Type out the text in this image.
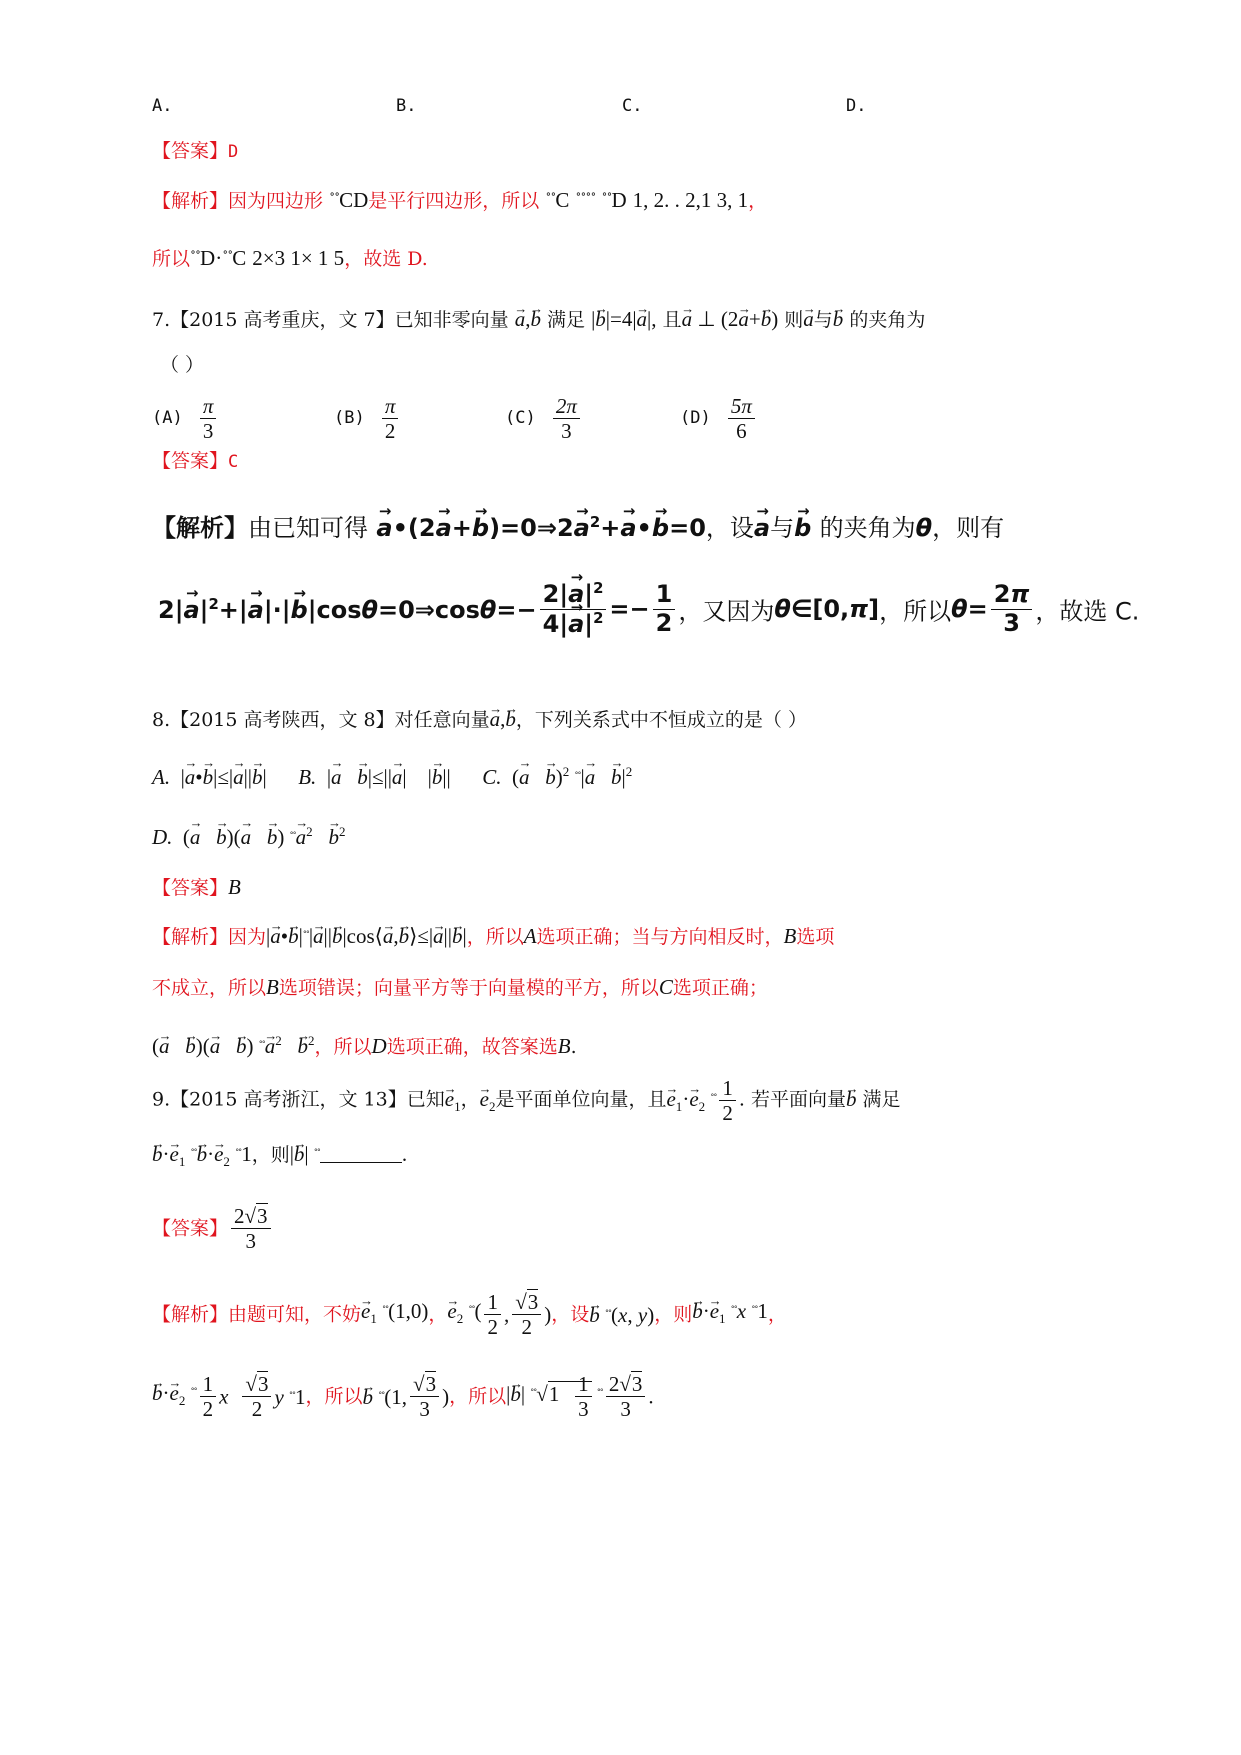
A.	B.	C.	D.
【答案】D
【解析】因为四边形 ˚˚CD是平行四边形，所以 ˚˚C ˚˚˚˚ ˚˚D 1, 2. . 2,1 3, 1，
所以˚˚D·˚˚C 2×3 1× 1 5，故选 D.
7.【2015 高考重庆，文 7】已知非零向量 → a,→ b 满足 |→ b|=4|→ a|, 且→ a ⊥ (2→ a+→ b) 则→ a与→ b 的夹角为
（ ）
$(A) \frac{\pi}{3}$	$(B) \frac{\pi}{2}$	$(C) \frac{2\pi}{3}$	$(D) \frac{5\pi}{6}$
【答案】C
【解析】由已知可得 → a•(2→ a+→ b)=0⇒2→ $a^2+\to$ a•→ b=0，设→ a与→ b 的夹角为θ，则有
$2|\to a|^2+|\to a|\cdot|\to$ b|cosθ=0⇒cosθ=− $\frac{2|\to a|^2}{4|\to a|^2} =- \frac{1}{2}$ ，又因为θ∈[0,π]，所以$\theta= \frac{2\pi}{3}$ ，故选 C.
8.【2015 高考陕西，文 8】对任意向量→ a,→ b，下列关系式中不恒成立的是（ ）
A.  |→ a•→ b|≤|→ a||→ b|      B.  |→ a → b|≤||→ a|    |→ b||      C.  (→ a → b)$^2$ ˚˚|→ $a \to b|^2$
D.  (→ a → b)(→ a → b) ˚˚→ $a^2 \to b^2$
【答案】B
【解析】因为|→ a•→ b|˚˚|→ a||→ b|cos⟨→ a,→ b⟩≤|→ a||→ b|，所以A选项正确；当与方向相反时，B选项
不成立，所以B选项错误；向量平方等于向量模的平方，所以C选项正确；
(→ a → b)(→ a → b) ˚˚→ $a^2 \to b^2$，所以D选项正确，故答案选B.
9.【2015 高考浙江，文 13】已知→ $e_1$，→ $e_2$是平面单位向量，且→ $e_1\cdot\to e_2$ ˚˚ $\frac{1}{2}$ . 若平面向量→ b 满足
→ $b\cdot\to e_1$ ˚˚→ $b\cdot\to e_2$ ˚˚1，则|→ b| ˚˚	.
【答案】 $\frac{2√3}{3}$
【解析】由题可知，不妨→ $e_1$ ˚˚(1,0)，→ $e_2$ ˚˚( $\frac{1}{2}$ , $\frac{√3}{2}$ )，设→ b ˚˚(x, y)，则→ $b\cdot\to e_1$ ˚˚x ˚˚1，
→ $b\cdot\to e_2$ ˚˚ $\frac{1}{2}$ x $\frac{√3}{2}$ y ˚˚1，所以→ b ˚˚(1, $\frac{√3}{3}$ )，所以|→ b| ˚˚√1 $\frac{1}{3}$ ˚˚ $\frac{2√3}{3}$ .
